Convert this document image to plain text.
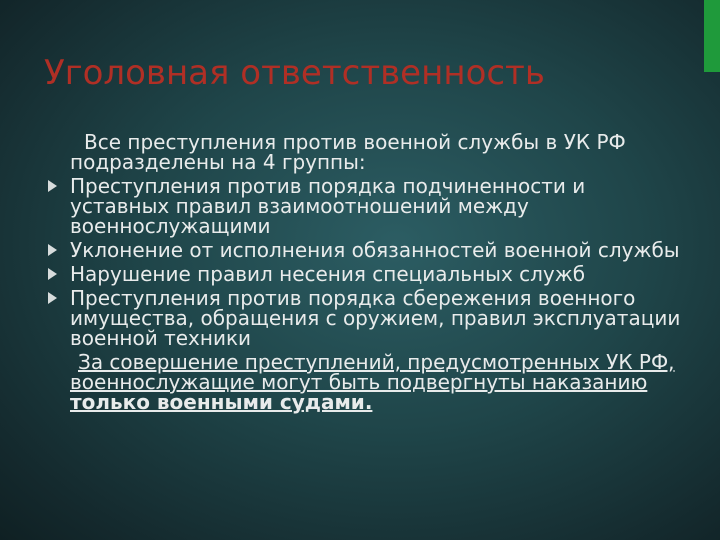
Уголовная ответственность

Все преступления против военной службы в УК РФ подразделены на 4 группы:

Преступления против порядка подчиненности и уставных правил взаимоотношений между военнослужащими
Уклонение от исполнения обязанностей военной службы
Нарушение правил несения специальных служб
Преступления против порядка сбережения военного имущества, обращения с оружием, правил эксплуатации военной техники
За совершение преступлений, предусмотренных УК РФ, военнослужащие могут быть подвергнуты наказанию только военными судами.
